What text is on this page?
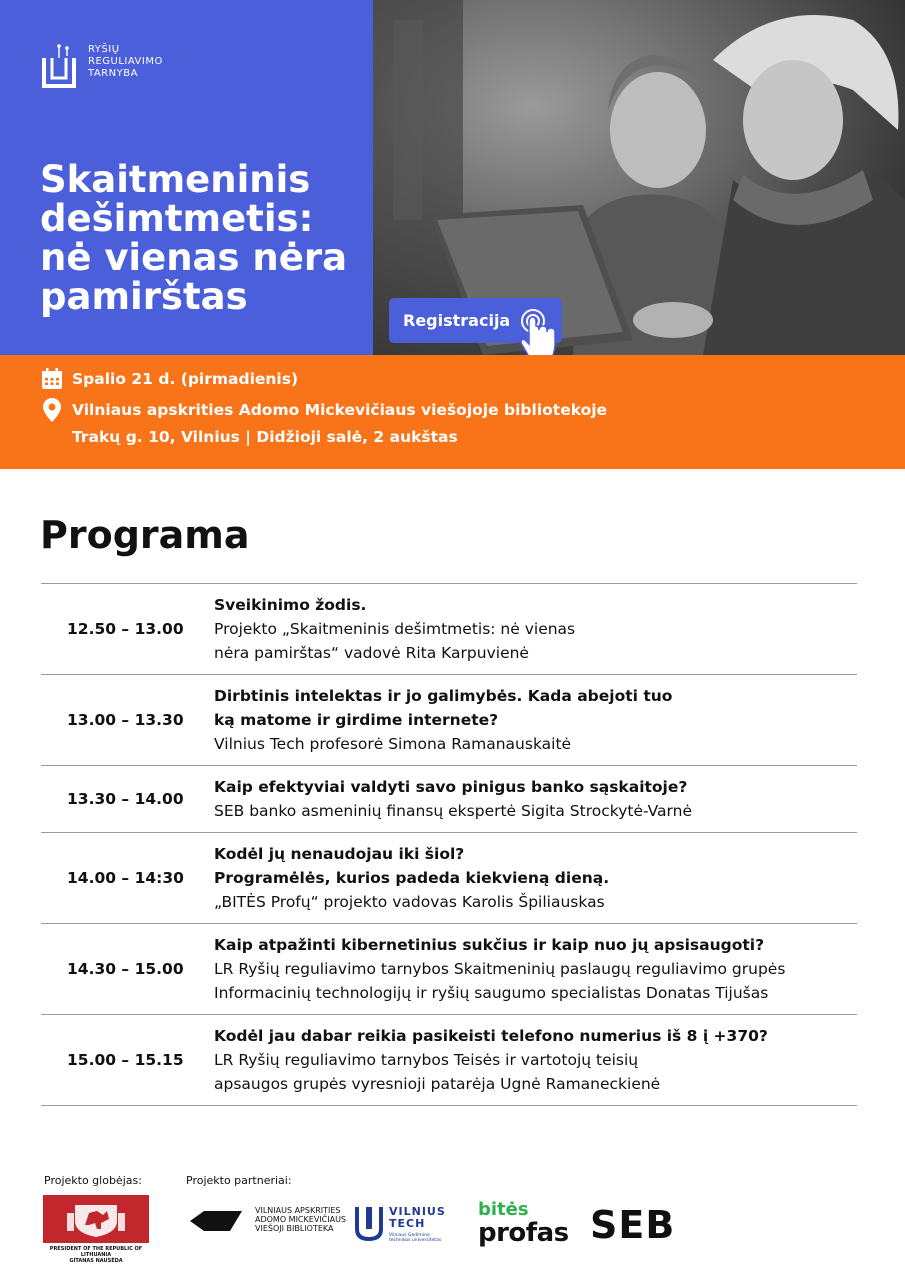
RYŠIŲ
REGULIAVIMO
TARNYBA
Skaitmeninis
dešimtmetis:
nė vienas nėra
pamirštas
Registracija
Spalio 21 d. (pirmadienis)
Vilniaus apskrities Adomo Mickevičiaus viešojoje bibliotekoje
Trakų g. 10, Vilnius | Didžioji salė, 2 aukštas
Programa
12.50 – 13.00	Sveikinimo žodis.
Projekto „Skaitmeninis dešimtmetis: nė vienas
nėra pamirštas“ vadovė Rita Karpuvienė

13.00 – 13.30	Dirbtinis intelektas ir jo galimybės. Kada abejoti tuo
ką matome ir girdime internete?
Vilnius Tech profesorė Simona Ramanauskaitė

13.30 – 14.00	Kaip efektyviai valdyti savo pinigus banko sąskaitoje?
SEB banko asmeninių finansų ekspertė Sigita Strockytė-Varnė

14.00 – 14:30	Kodėl jų nenaudojau iki šiol?
Programėlės, kurios padeda kiekvieną dieną.
„BITĖS Profų“ projekto vadovas Karolis Špiliauskas

14.30 – 15.00	Kaip atpažinti kibernetinius sukčius ir kaip nuo jų apsisaugoti?
LR Ryšių reguliavimo tarnybos Skaitmeninių paslaugų reguliavimo grupės
Informacinių technologijų ir ryšių saugumo specialistas Donatas Tijušas

15.00 – 15.15	Kodėl jau dabar reikia pasikeisti telefono numerius iš 8 į +370?
LR Ryšių reguliavimo tarnybos Teisės ir vartotojų teisių
apsaugos grupės vyresnioji patarėja Ugnė Ramaneckienė
Projekto globėjas:	Projekto partneriai:
PRESIDENT OF THE REPUBLIC OF LITHUANIA
GITANAS NAUSĖDA
VILNIAUS APSKRITIES
ADOMO MICKEVIČIAUS
VIEŠOJI BIBLIOTEKA
VILNIUS
TECH
Vilniaus Gedimino
technikos universitetas
bitės
profas SEB
